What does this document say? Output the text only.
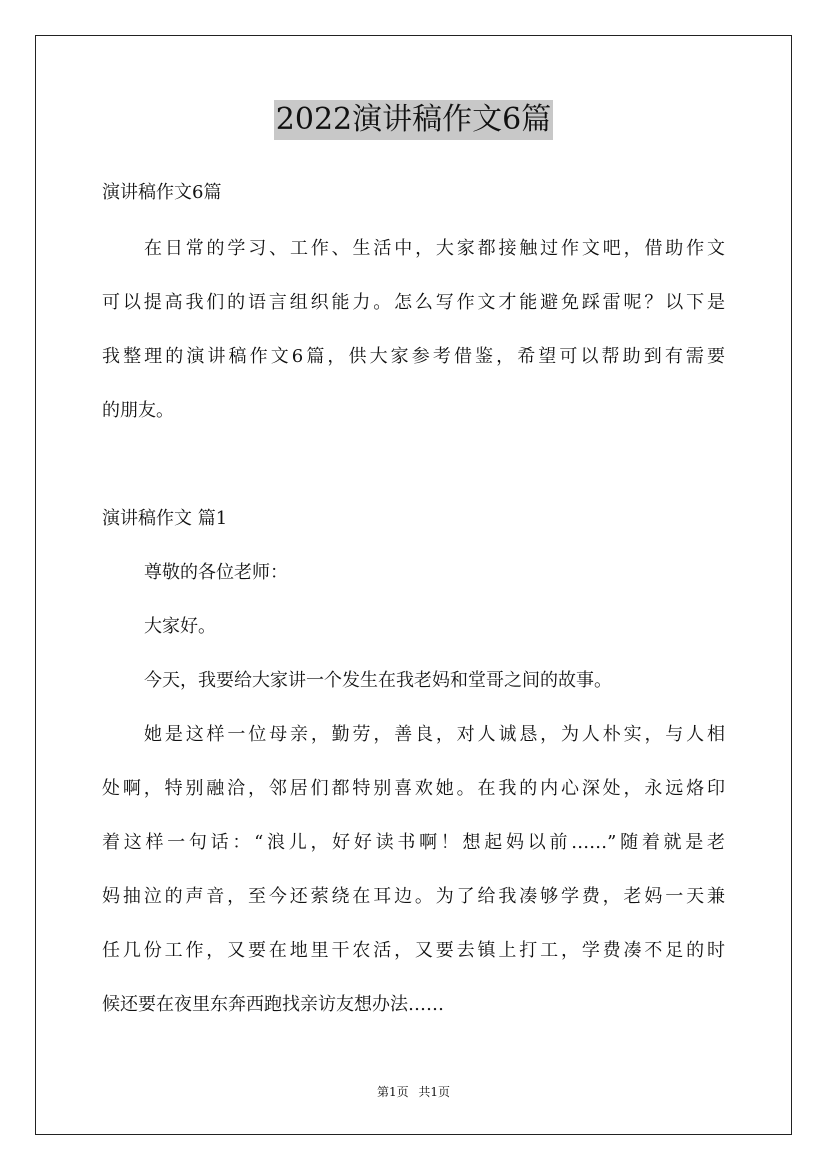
2022演讲稿作文6篇
演讲稿作文6篇
在日常的学习、工作、生活中，大家都接触过作文吧，借助作文
可以提高我们的语言组织能力。怎么写作文才能避免踩雷呢？以下是
我整理的演讲稿作文6篇，供大家参考借鉴，希望可以帮助到有需要
的朋友。
演讲稿作文 篇1
尊敬的各位老师：
大家好。
今天，我要给大家讲一个发生在我老妈和堂哥之间的故事。
她是这样一位母亲，勤劳，善良，对人诚恳，为人朴实，与人相
处啊，特别融洽，邻居们都特别喜欢她。在我的内心深处，永远烙印
着这样一句话：“浪儿，好好读书啊！想起妈以前……”随着就是老
妈抽泣的声音，至今还萦绕在耳边。为了给我凑够学费，老妈一天兼
任几份工作，又要在地里干农活，又要去镇上打工，学费凑不足的时
候还要在夜里东奔西跑找亲访友想办法……
第1页 共1页
